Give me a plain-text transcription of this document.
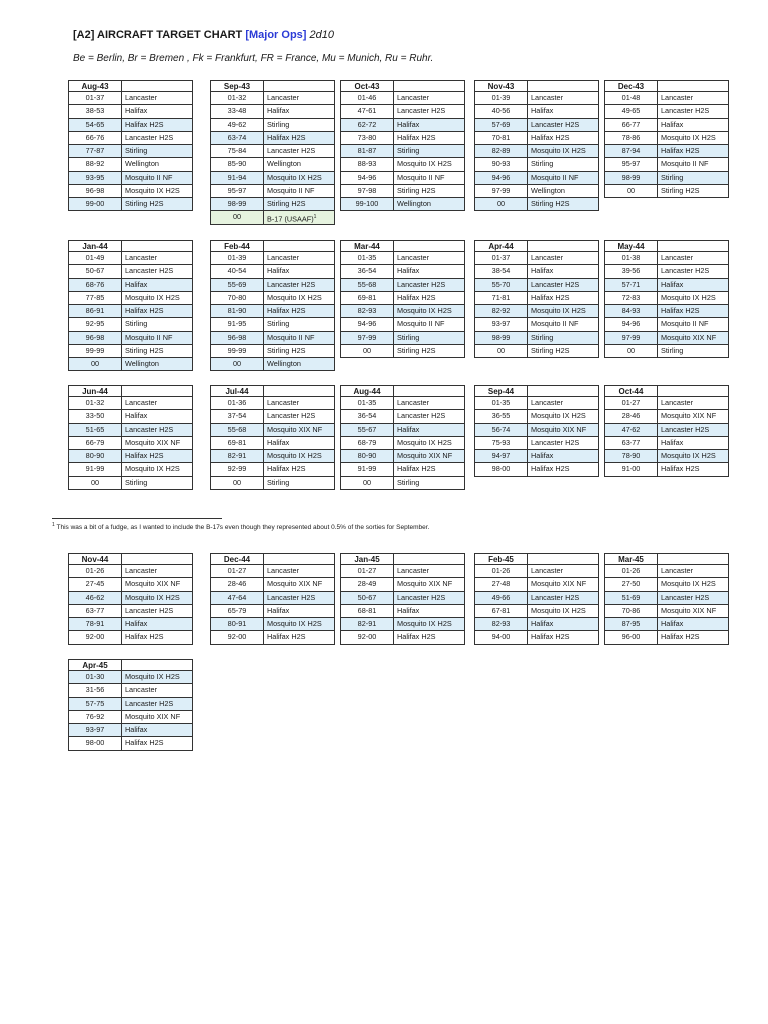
[A2] AIRCRAFT TARGET CHART [Major Ops] 2d10
Be = Berlin, Br = Bremen , Fk = Frankfurt, FR = France, Mu = Munich, Ru = Ruhr.
Aug-43
01-37	Lancaster
38-53	Halifax
54-65	Halifax H2S
66-76	Lancaster H2S
77-87	Stirling
88-92	Wellington
93-95	Mosquito II NF
96-98	Mosquito IX H2S
99-00	Stirling H2S
Sep-43
01-32	Lancaster
33-48	Halifax
49-62	Stirling
63-74	Halifax H2S
75-84	Lancaster H2S
85-90	Wellington
91-94	Mosquito IX H2S
95-97	Mosquito II NF
98-99	Stirling H2S
00	B-17 (USAAF)$^1$
Oct-43
01-46	Lancaster
47-61	Lancaster H2S
62-72	Halifax
73-80	Halifax H2S
81-87	Stirling
88-93	Mosquito IX H2S
94-96	Mosquito II NF
97-98	Stirling H2S
99-100	Wellington
Nov-43
01-39	Lancaster
40-56	Halifax
57-69	Lancaster H2S
70-81	Halifax H2S
82-89	Mosquito IX H2S
90-93	Stirling
94-96	Mosquito II NF
97-99	Wellington
00	Stirling H2S
Dec-43
01-48	Lancaster
49-65	Lancaster H2S
66-77	Halifax
78-86	Mosquito IX H2S
87-94	Halifax H2S
95-97	Mosquito II NF
98-99	Stirling
00	Stirling H2S
Jan-44
01-49	Lancaster
50-67	Lancaster H2S
68-76	Halifax
77-85	Mosquito IX H2S
86-91	Halifax H2S
92-95	Stirling
96-98	Mosquito II NF
99-99	Stirling H2S
00	Wellington
Feb-44
01-39	Lancaster
40-54	Halifax
55-69	Lancaster H2S
70-80	Mosquito IX H2S
81-90	Halifax H2S
91-95	Stirling
96-98	Mosquito II NF
99-99	Stirling H2S
00	Wellington
Mar-44
01-35	Lancaster
36-54	Halifax
55-68	Lancaster H2S
69-81	Halifax H2S
82-93	Mosquito IX H2S
94-96	Mosquito II NF
97-99	Stirling
00	Stirling H2S
Apr-44
01-37	Lancaster
38-54	Halifax
55-70	Lancaster H2S
71-81	Halifax H2S
82-92	Mosquito IX H2S
93-97	Mosquito II NF
98-99	Stirling
00	Stirling H2S
May-44
01-38	Lancaster
39-56	Lancaster H2S
57-71	Halifax
72-83	Mosquito IX H2S
84-93	Halifax H2S
94-96	Mosquito II NF
97-99	Mosquito XIX NF
00	Stirling
Jun-44
01-32	Lancaster
33-50	Halifax
51-65	Lancaster H2S
66-79	Mosquito XIX NF
80-90	Halifax H2S
91-99	Mosquito IX H2S
00	Stirling
Jul-44
01-36	Lancaster
37-54	Lancaster H2S
55-68	Mosquito XIX NF
69-81	Halifax
82-91	Mosquito IX H2S
92-99	Halifax H2S
00	Stirling
Aug-44
01-35	Lancaster
36-54	Lancaster H2S
55-67	Halifax
68-79	Mosquito IX H2S
80-90	Mosquito XIX NF
91-99	Halifax H2S
00	Stirling
Sep-44
01-35	Lancaster
36-55	Mosquito IX H2S
56-74	Mosquito XIX NF
75-93	Lancaster H2S
94-97	Halifax
98-00	Halifax H2S
Oct-44
01-27	Lancaster
28-46	Mosquito XIX NF
47-62	Lancaster H2S
63-77	Halifax
78-90	Mosquito IX H2S
91-00	Halifax H2S
Nov-44
01-26	Lancaster
27-45	Mosquito XIX NF
46-62	Mosquito IX H2S
63-77	Lancaster H2S
78-91	Halifax
92-00	Halifax H2S
Dec-44
01-27	Lancaster
28-46	Mosquito XIX NF
47-64	Lancaster H2S
65-79	Halifax
80-91	Mosquito IX H2S
92-00	Halifax H2S
Jan-45
01-27	Lancaster
28-49	Mosquito XIX NF
50-67	Lancaster H2S
68-81	Halifax
82-91	Mosquito IX H2S
92-00	Halifax H2S
Feb-45
01-26	Lancaster
27-48	Mosquito XIX NF
49-66	Lancaster H2S
67-81	Mosquito IX H2S
82-93	Halifax
94-00	Halifax H2S
Mar-45
01-26	Lancaster
27-50	Mosquito IX H2S
51-69	Lancaster H2S
70-86	Mosquito XIX NF
87-95	Halifax
96-00	Halifax H2S
Apr-45
01-30	Mosquito IX H2S
31-56	Lancaster
57-75	Lancaster H2S
76-92	Mosquito XIX NF
93-97	Halifax
98-00	Halifax H2S
$^1$ This was a bit of a fudge, as I wanted to include the B-17s even though they represented about 0.5% of the sorties for September.
